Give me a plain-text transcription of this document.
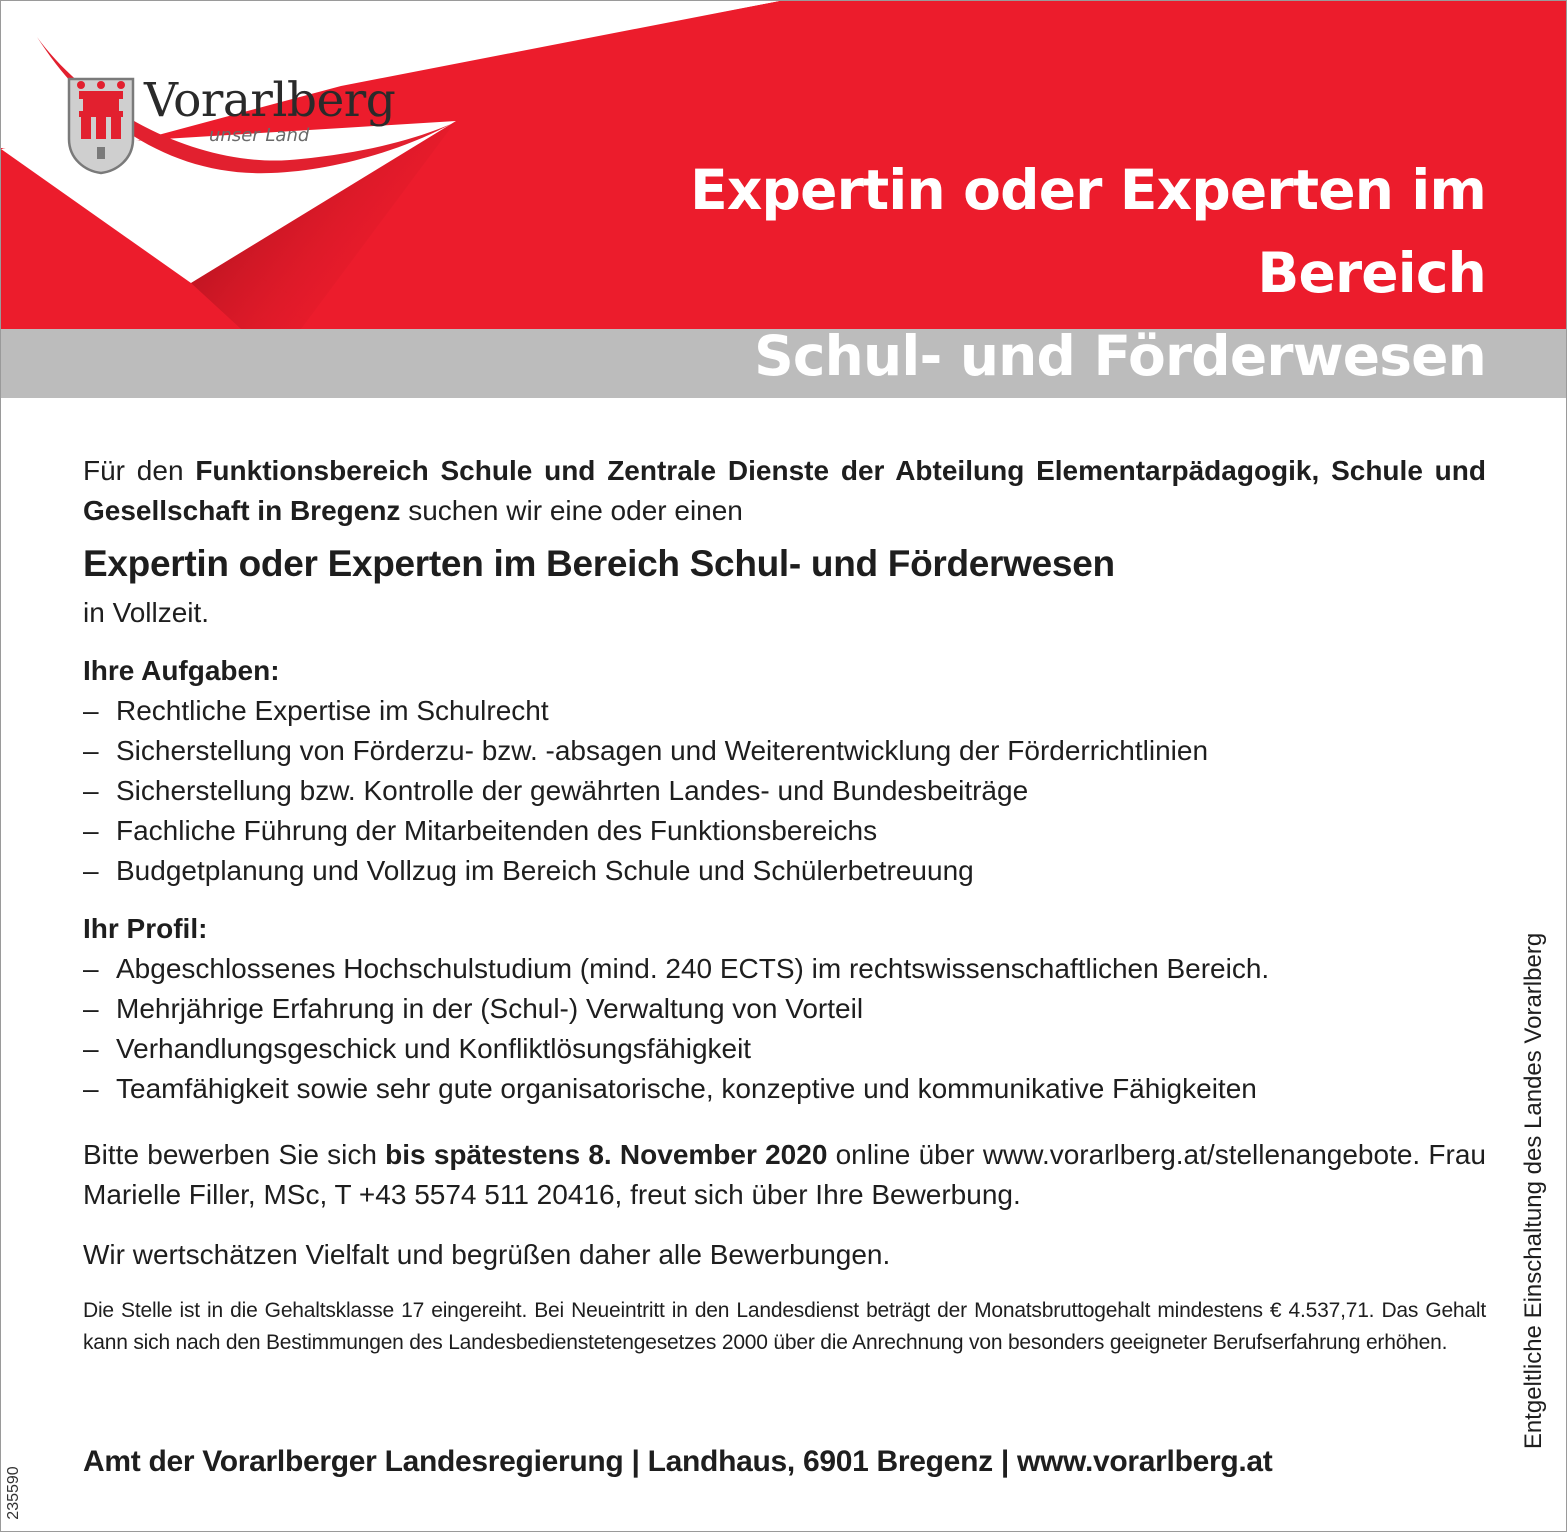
Vorarlberg
unser Land
Expertin oder Experten im Bereich
Schul- und Förderwesen

Für den Funktionsbereich Schule und Zentrale Dienste der Abteilung Elementarpädagogik, Schule und Gesellschaft in Bregenz suchen wir eine oder einen

Expertin oder Experten im Bereich Schul- und Förderwesen

in Vollzeit.

Ihre Aufgaben:

– Rechtliche Expertise im Schulrecht
– Sicherstellung von Förderzu- bzw. -absagen und Weiterentwicklung der Förderrichtlinien
– Sicherstellung bzw. Kontrolle der gewährten Landes- und Bundesbeiträge
– Fachliche Führung der Mitarbeitenden des Funktionsbereichs
– Budgetplanung und Vollzug im Bereich Schule und Schülerbetreuung

Ihr Profil:

– Abgeschlossenes Hochschulstudium (mind. 240 ECTS) im rechtswissenschaftlichen Bereich.
– Mehrjährige Erfahrung in der (Schul-) Verwaltung von Vorteil
– Verhandlungsgeschick und Konfliktlösungsfähigkeit
– Teamfähigkeit sowie sehr gute organisatorische, konzeptive und kommunikative Fähigkeiten

Bitte bewerben Sie sich bis spätestens 8. November 2020 online über www.vorarlberg.at/stellenangebote. Frau Marielle Filler, MSc, T +43 5574 511 20416, freut sich über Ihre Bewerbung.

Wir wertschätzen Vielfalt und begrüßen daher alle Bewerbungen.

Die Stelle ist in die Gehaltsklasse 17 eingereiht. Bei Neueintritt in den Landesdienst beträgt der Monatsbruttogehalt mindestens € 4.537,71. Das Gehalt kann sich nach den Bestimmungen des Landesbedienstetengesetzes 2000 über die Anrechnung von besonders geeigneter Berufserfahrung erhöhen.

Amt der Vorarlberger Landesregierung | Landhaus, 6901 Bregenz | www.vorarlberg.at
Entgeltliche Einschaltung des Landes Vorarlberg
235590
